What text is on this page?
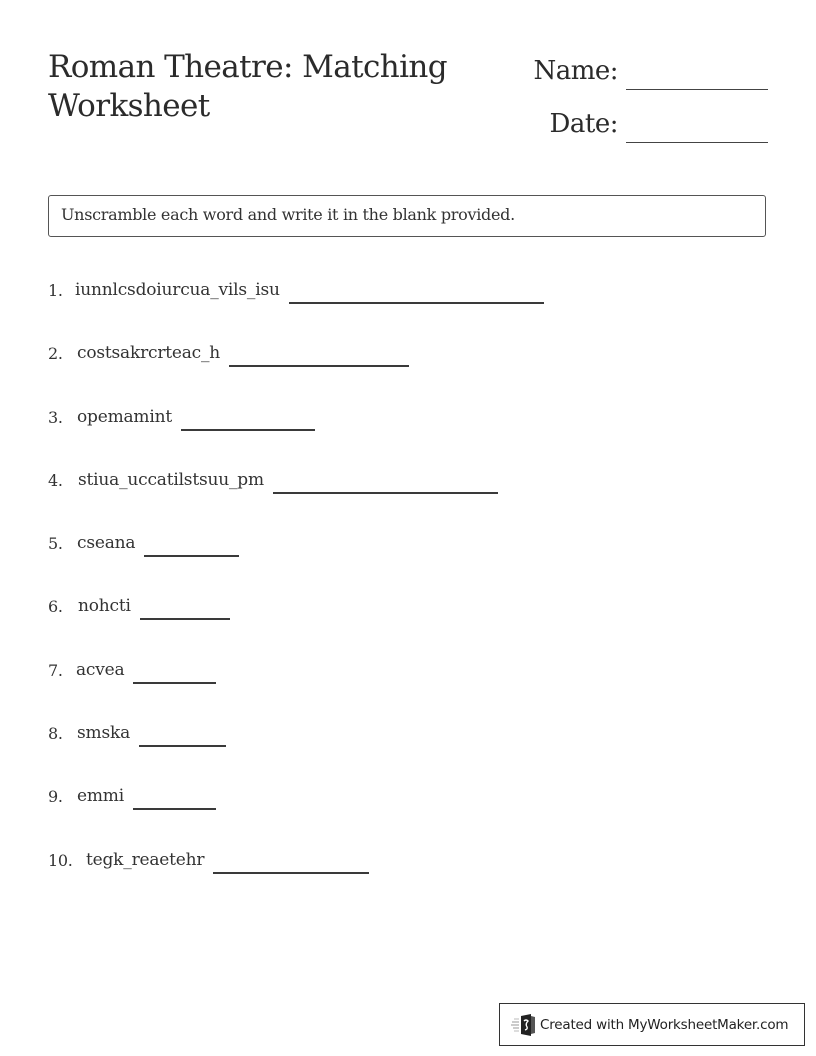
Roman Theatre: Matching Worksheet
Name:
Date:
Unscramble each word and write it in the blank provided.
1. iunnlcsdoiurcua_vils_isu
2. costsakrcrteac_h
3. opemamint
4. stiua_uccatilstsuu_pm
5. cseana
6. nohcti
7. acvea
8. smska
9. emmi
10. tegk_reaetehr
Created with MyWorksheetMaker.com
